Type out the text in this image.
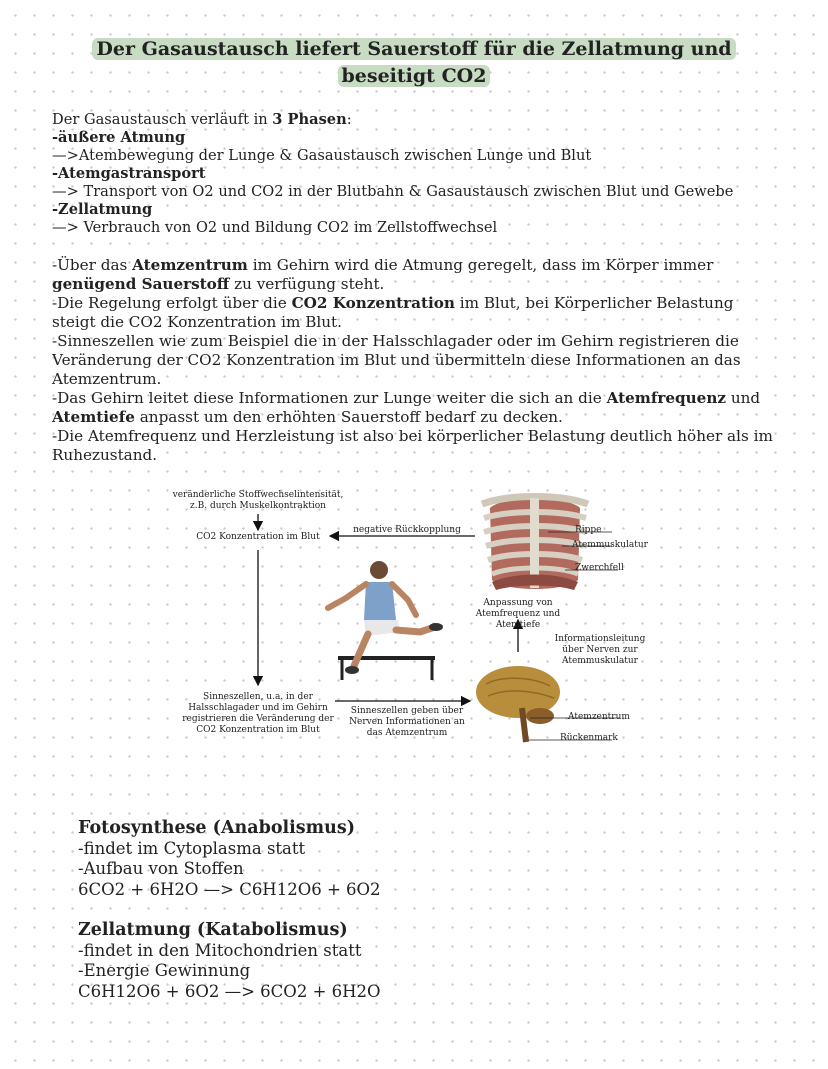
Der Gasaustausch liefert Sauerstoff für die Zellatmung und
beseitigt CO2
Der Gasaustausch verläuft in 3 Phasen:
-äußere Atmung
—>Atembewegung der Lunge & Gasaustausch zwischen Lunge und Blut
-Atemgastransport
—> Transport von O2 und CO2 in der Blutbahn & Gasaustausch zwischen Blut und Gewebe
-Zellatmung
—> Verbrauch von O2 und Bildung CO2 im Zellstoffwechsel

-Über das Atemzentrum im Gehirn wird die Atmung geregelt, dass im Körper immer genügend Sauerstoff zu verfügung steht.

-Die Regelung erfolgt über die CO2 Konzentration im Blut, bei Körperlicher Belastung steigt die CO2 Konzentration im Blut.

-Sinneszellen wie zum Beispiel die in der Halsschlagader oder im Gehirn registrieren die Veränderung der CO2 Konzentration im Blut und übermitteln diese Informationen an das Atemzentrum.

-Das Gehirn leitet diese Informationen zur Lunge weiter die sich an die Atemfrequenz und Atemtiefe anpasst um den erhöhten Sauerstoff bedarf zu decken.

-Die Atemfrequenz und Herzleistung ist also bei körperlicher Belastung deutlich höher als im Ruhezustand.

veränderliche Stoffwechselintensität, z.B. durch Muskelkontraktion
CO2 Konzentration im Blut
negative Rückkopplung
Sinneszellen, u.a. in der Halsschlagader und im Gehirn registrieren die Veränderung der CO2 Konzentration im Blut
Sinneszellen geben über Nerven Informationen an das Atemzentrum
Informationsleitung über Nerven zur Atemmuskulatur
Anpassung von Atemfrequenz und Atemtiefe
Rippe
Atemmuskulatur
Zwerchfell
Atemzentrum
Rückenmark
Fotosynthese (Anabolismus)
-findet im Cytoplasma statt
-Aufbau von Stoffen
6CO2 + 6H2O —> C6H12O6 + 6O2
Zellatmung (Katabolismus)
-findet in den Mitochondrien statt
-Energie Gewinnung
C6H12O6 + 6O2 —> 6CO2 + 6H2O
